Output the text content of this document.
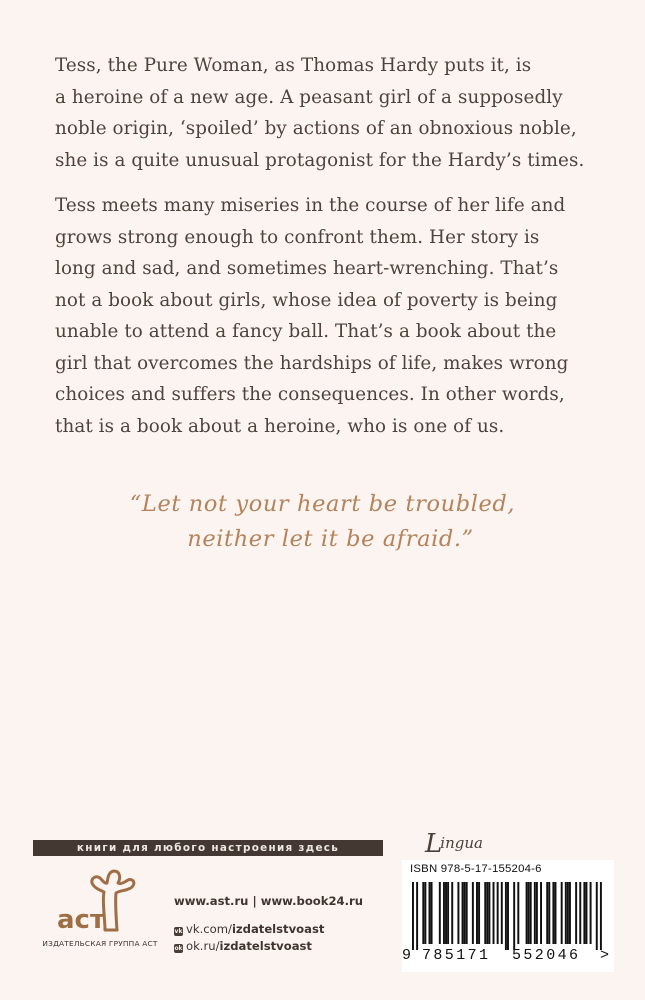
Tess, the Pure Woman, as Thomas Hardy puts it, is
a heroine of a new age. A peasant girl of a supposedly
noble origin, ‘spoiled’ by actions of an obnoxious noble,
she is a quite unusual protagonist for the Hardy’s times.

Tess meets many miseries in the course of her life and
grows strong enough to confront them. Her story is
long and sad, and sometimes heart-wrenching. That’s
not a book about girls, whose idea of poverty is being
unable to attend a fancy ball. That’s a book about the
girl that overcomes the hardships of life, makes wrong
choices and suffers the consequences. In other words,
that is a book about a heroine, who is one of us.

“Let not your heart be troubled,
neither let it be afraid.”
книги для любого настроения здесь	Lingua
аст
ИЗДАТЕЛЬСКАЯ ГРУППА АСТ
www.ast.ru | www.book24.ru
vk vk.com/izdatelstvoast
ok ok.ru/izdatelstvoast
ISBN 978-5-17-155204-6
9 785171 552046 >
